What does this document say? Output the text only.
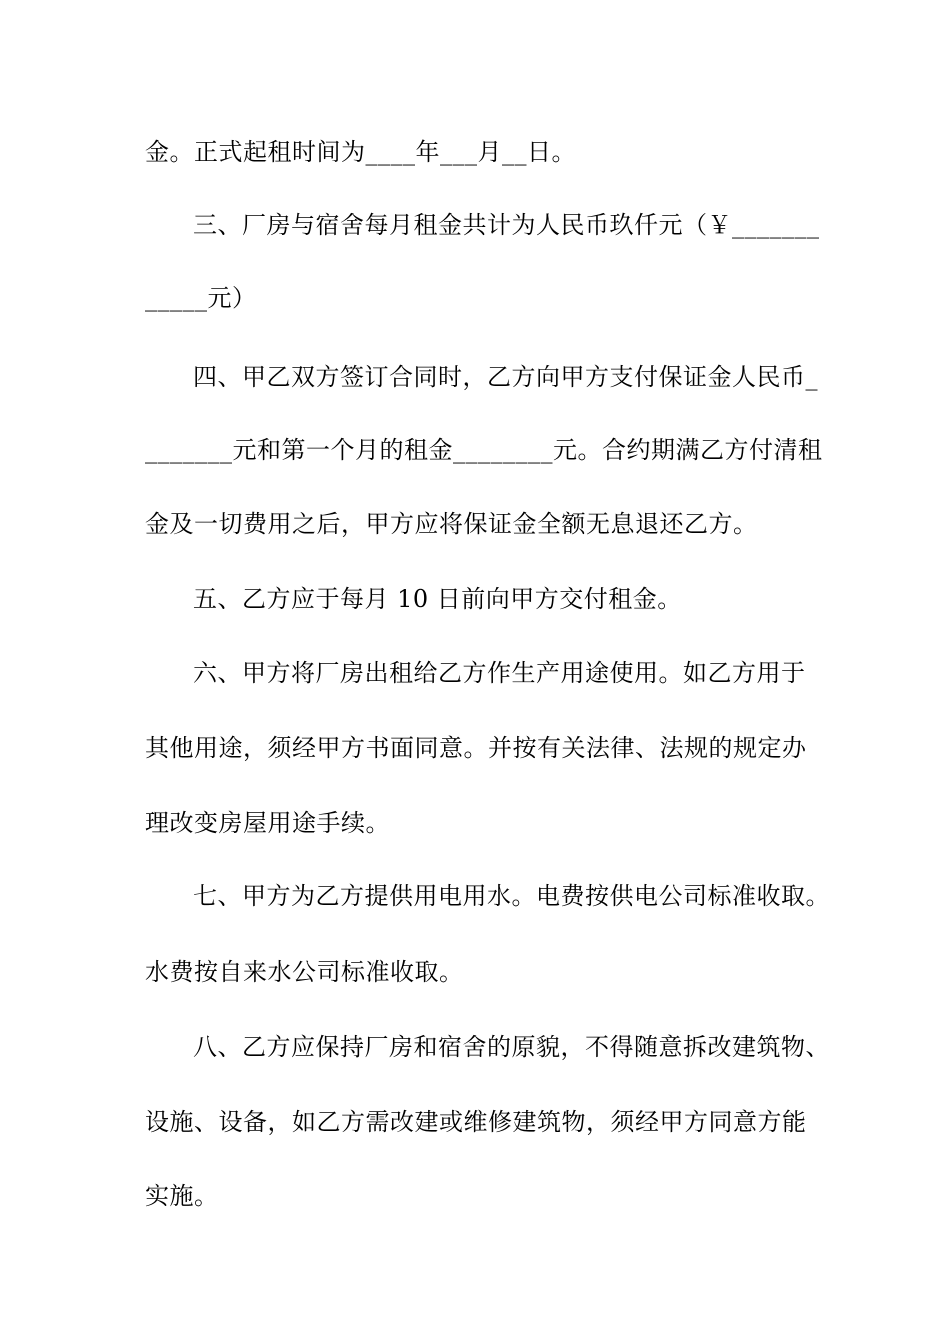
金。正式起租时间为____年___月__日。
三、厂房与宿舍每月租金共计为人民币玖仟元（￥_______
_____元）
四、甲乙双方签订合同时，乙方向甲方支付保证金人民币_
_______元和第一个月的租金________元。合约期满乙方付清租
金及一切费用之后，甲方应将保证金全额无息退还乙方。
五、乙方应于每月 10 日前向甲方交付租金。
六、甲方将厂房出租给乙方作生产用途使用。如乙方用于
其他用途，须经甲方书面同意。并按有关法律、法规的规定办
理改变房屋用途手续。
七、甲方为乙方提供用电用水。电费按供电公司标准收取。
水费按自来水公司标准收取。
八、乙方应保持厂房和宿舍的原貌，不得随意拆改建筑物、
设施、设备，如乙方需改建或维修建筑物，须经甲方同意方能
实施。
